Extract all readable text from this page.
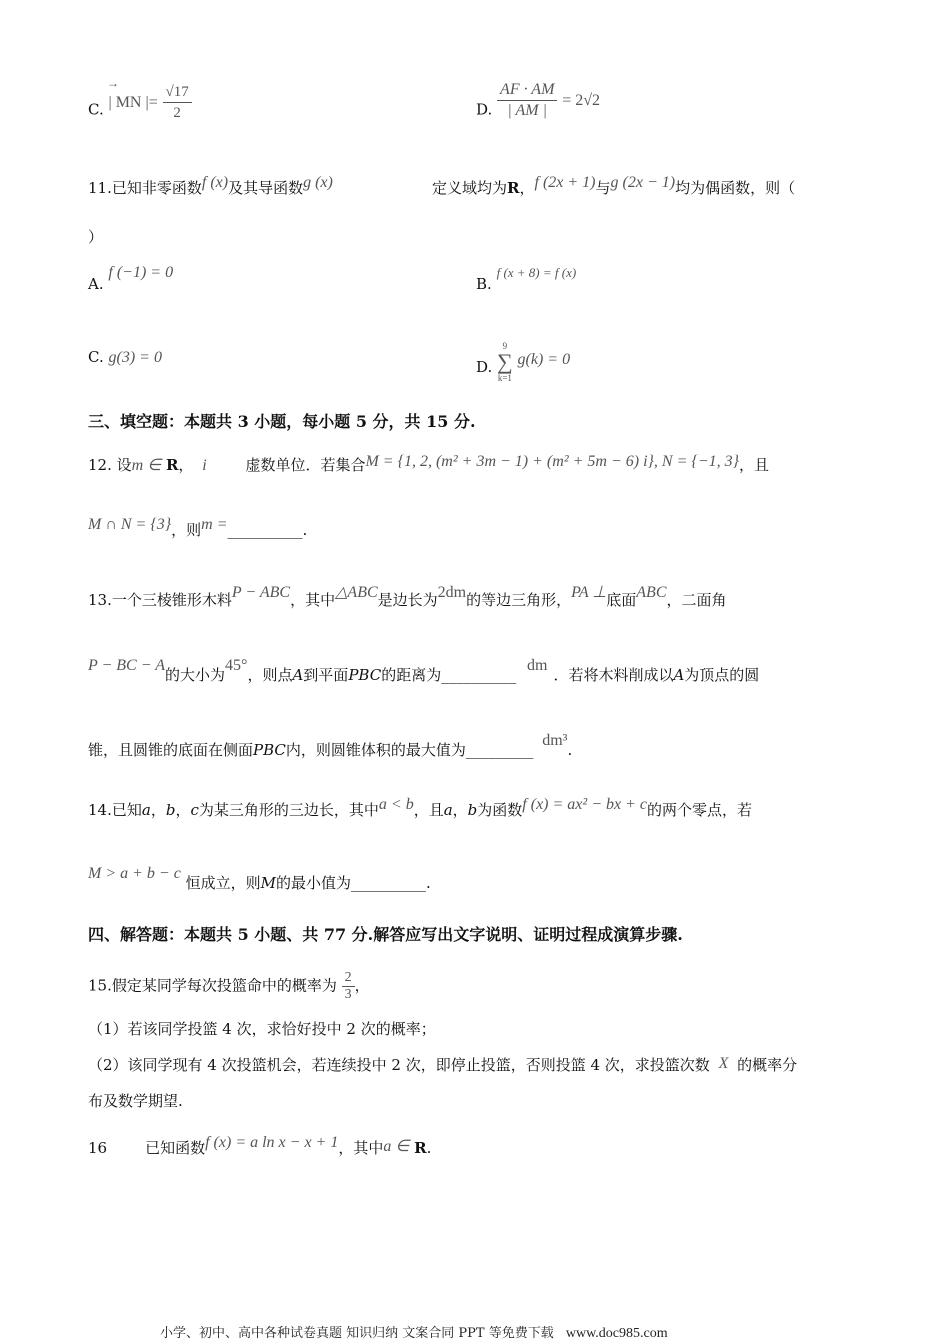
C. | MN |= $\frac{√17}{2}$
→
D. $\frac{AF \cdot AM}{| AM |} = 2√2$
11.已知非零函数f (x)及其导函数g (x)	定义域均为R，f (2x + 1)与g (2x − 1)均为偶函数，则（
）
A. f (−1) = 0
B. f (x + 8) = f (x)
C. g(3) = 0
D.
9
∑
k=1
g(k) = 0
三、填空题：本题共 3 小题，每小题 5 分，共 15 分.
12. 设m ∈ R， i	虚数单位．若集合M = {1, 2, (m² + 3m − 1) + (m² + 5m − 6) i}, N = {−1, 3}，且
M ∩ N = {3}，则m =__________.
13.一个三棱锥形木料P − ABC，其中△ABC是边长为2dm的等边三角形，PA ⊥底面ABC，二面角
P − BC − A的大小为45°，则点A到平面PBC的距离为__________ dm．若将木料削成以A为顶点的圆
锥，且圆锥的底面在侧面PBC内，则圆锥体积的最大值为_________ dm³.
14.已知a，b，c为某三角形的三边长，其中a < b，且a，b为函数f (x) = ax² − bx + c的两个零点，若
M > a + b − c 恒成立，则M的最小值为__________.
四、解答题：本题共 5 小题、共 77 分.解答应写出文字说明、证明过程成演算步骤.
15.假定某同学每次投篮命中的概率为 $\frac{2}{3}$ ，
（1）若该同学投篮 4 次，求恰好投中 2 次的概率；
（2）该同学现有 4 次投篮机会，若连续投中 2 次，即停止投篮，否则投篮 4 次，求投篮次数 X 的概率分
布及数学期望.
16	已知函数f (x) = a ln x − x + 1，其中a ∈ R.
小学、初中、高中各种试卷真题 知识归纳 文案合同 PPT 等免费下载 www.doc985.com
